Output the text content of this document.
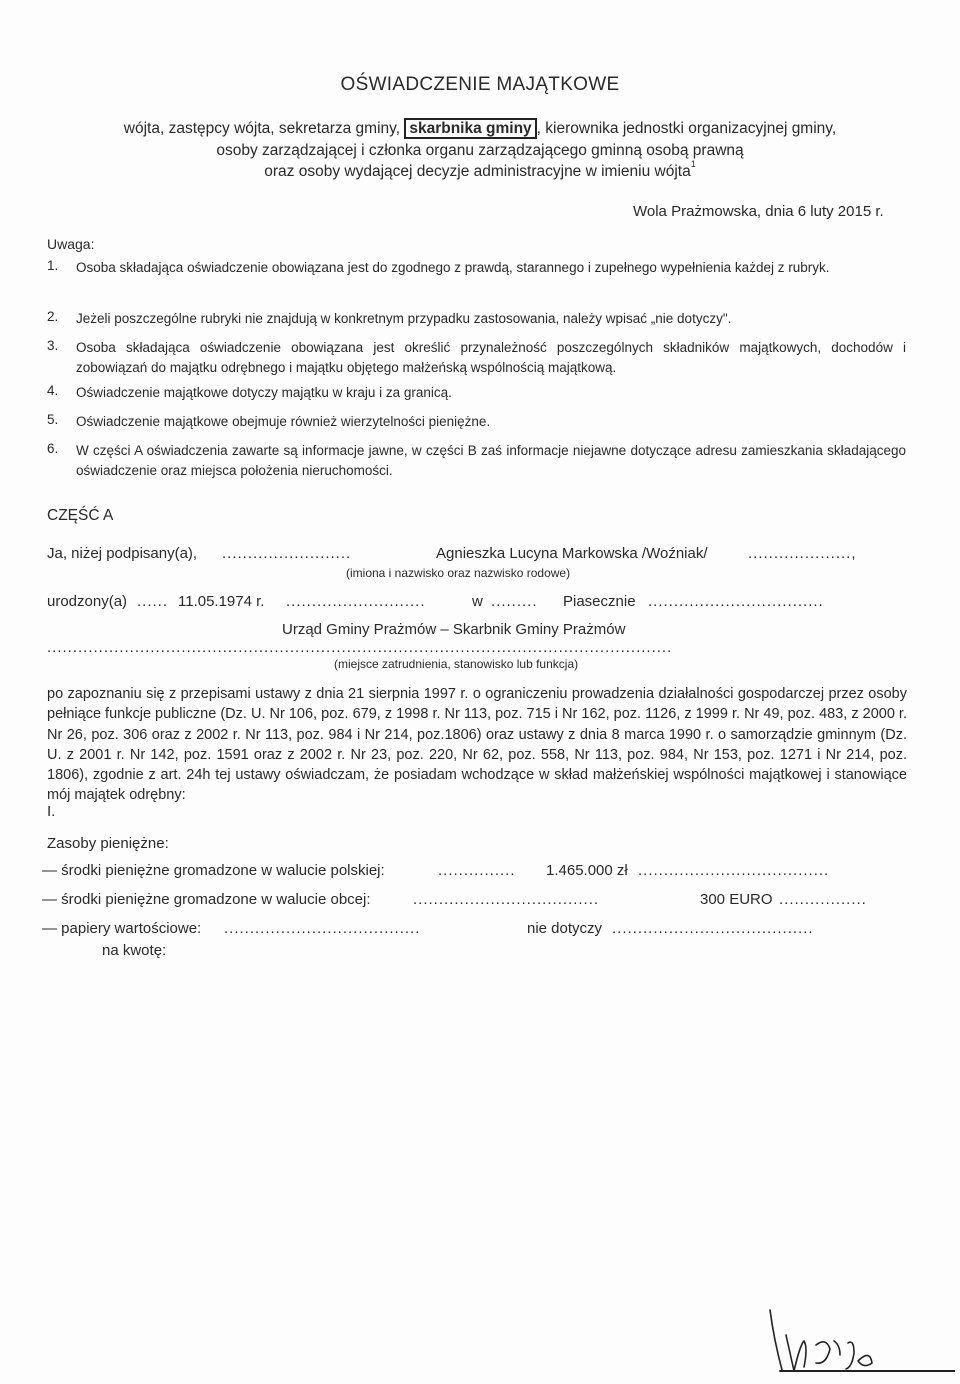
OŚWIADCZENIE MAJĄTKOWE
wójta, zastępcy wójta, sekretarza gminy, skarbnika gminy , kierownika jednostki organizacyjnej gminy,
osoby zarządzającej i członka organu zarządzającego gminną osobą prawną
oraz osoby wydającej decyzje administracyjne w imieniu wójta$^1$
Wola Prażmowska, dnia 6 luty 2015 r.
Uwaga:
1. Osoba składająca oświadczenie obowiązana jest do zgodnego z prawdą, starannego i zupełnego wypełnienia każdej z rubryk.
2. Jeżeli poszczególne rubryki nie znajdują w konkretnym przypadku zastosowania, należy wpisać „nie dotyczy".
3. Osoba składająca oświadczenie obowiązana jest określić przynależność poszczególnych składników majątkowych, dochodów i zobowiązań do majątku odrębnego i majątku objętego małżeńską wspólnością majątkową.
4. Oświadczenie majątkowe dotyczy majątku w kraju i za granicą.
5. Oświadczenie majątkowe obejmuje również wierzytelności pieniężne.
6. W części A oświadczenia zawarte są informacje jawne, w części B zaś informacje niejawne dotyczące adresu zamieszkania składającego oświadczenie oraz miejsca położenia nieruchomości.
CZĘŚĆ A
Ja, niżej podpisany(a), .........................	Agnieszka Lucyna Markowska /Woźniak/	....................,
(imiona i nazwisko oraz nazwisko rodowe)
urodzony(a) ...... 11.05.1974 r. ...........................	w ......... Piasecznie ..................................
Urząd Gminy Prażmów – Skarbnik Gminy Prażmów
.........................................................................................................................
(miejsce zatrudnienia, stanowisko lub funkcja)
po zapoznaniu się z przepisami ustawy z dnia 21 sierpnia 1997 r. o ograniczeniu prowadzenia działalności gospodarczej przez osoby pełniące funkcje publiczne (Dz. U. Nr 106, poz. 679, z 1998 r. Nr 113, poz. 715 i Nr 162, poz. 1126, z 1999 r. Nr 49, poz. 483, z 2000 r. Nr 26, poz. 306 oraz z 2002 r. Nr 113, poz. 984 i Nr 214, poz.1806) oraz ustawy z dnia 8 marca 1990 r. o samorządzie gminnym (Dz. U. z 2001 r. Nr 142, poz. 1591 oraz z 2002 r. Nr 23, poz. 220, Nr 62, poz. 558, Nr 113, poz. 984, Nr 153, poz. 1271 i Nr 214, poz. 1806), zgodnie z art. 24h tej ustawy oświadczam, że posiadam wchodzące w skład małżeńskiej wspólności majątkowej i stanowiące mój majątek odrębny:
I.
Zasoby pieniężne:
— środki pieniężne gromadzone w walucie polskiej:	............... 1.465.000 zł .....................................
— środki pieniężne gromadzone w walucie obcej:	....................................	300 EURO .................
— papiery wartościowe: ......................................	nie dotyczy .......................................
na kwotę:
